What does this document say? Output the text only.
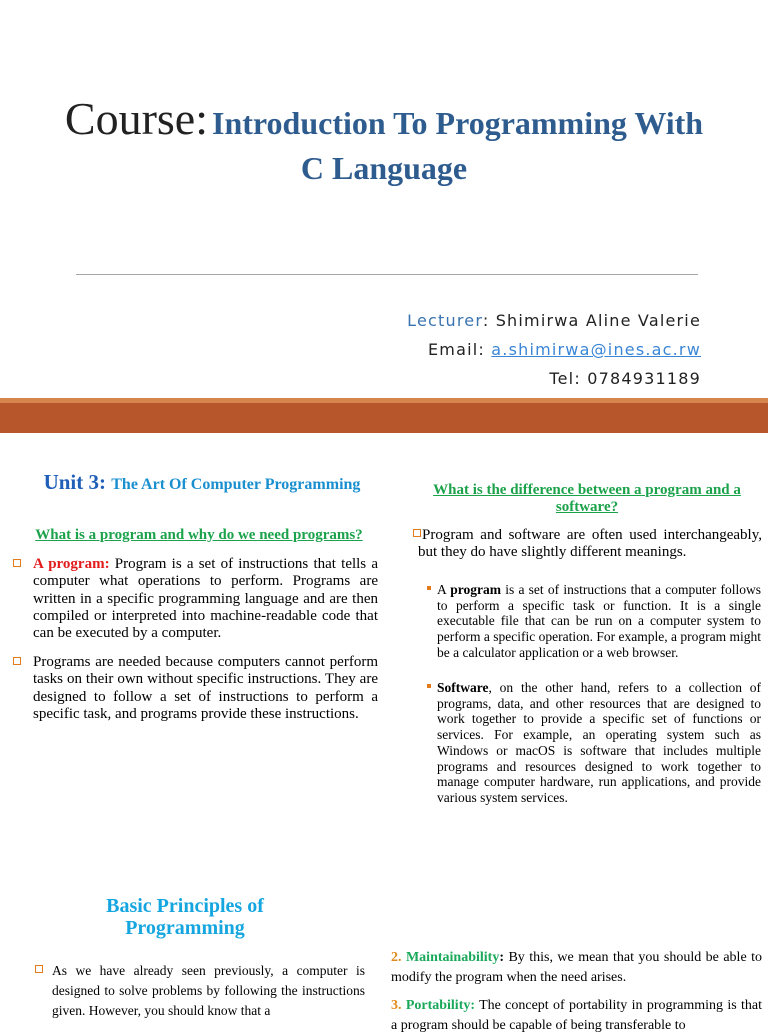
Course: Introduction To Programming With
C Language
Lecturer: Shimirwa Aline Valerie
Email: a.shimirwa@ines.ac.rw
Tel: 0784931189
Unit 3: The Art Of Computer Programming
What is a program and why do we need programs?
A program: Program is a set of instructions that tells a computer what operations to perform. Programs are written in a specific programming language and are then compiled or interpreted into machine-readable code that can be executed by a computer.
Programs are needed because computers cannot perform tasks on their own without specific instructions. They are designed to follow a set of instructions to perform a specific task, and programs provide these instructions.
What is the difference between a program and a software?
Program and software are often used interchangeably, but they do have slightly different meanings.
A program is a set of instructions that a computer follows to perform a specific task or function. It is a single executable file that can be run on a computer system to perform a specific operation. For example, a program might be a calculator application or a web browser.
Software, on the other hand, refers to a collection of programs, data, and other resources that are designed to work together to provide a specific set of functions or services. For example, an operating system such as Windows or macOS is software that includes multiple programs and resources designed to work together to manage computer hardware, run applications, and provide various system services.
Basic Principles of Programming
As we have already seen previously, a computer is designed to solve problems by following the instructions given. However, you should know that a
2. Maintainability: By this, we mean that you should be able to modify the program when the need arises.
3. Portability: The concept of portability in programming is that a program should be capable of being transferable to
